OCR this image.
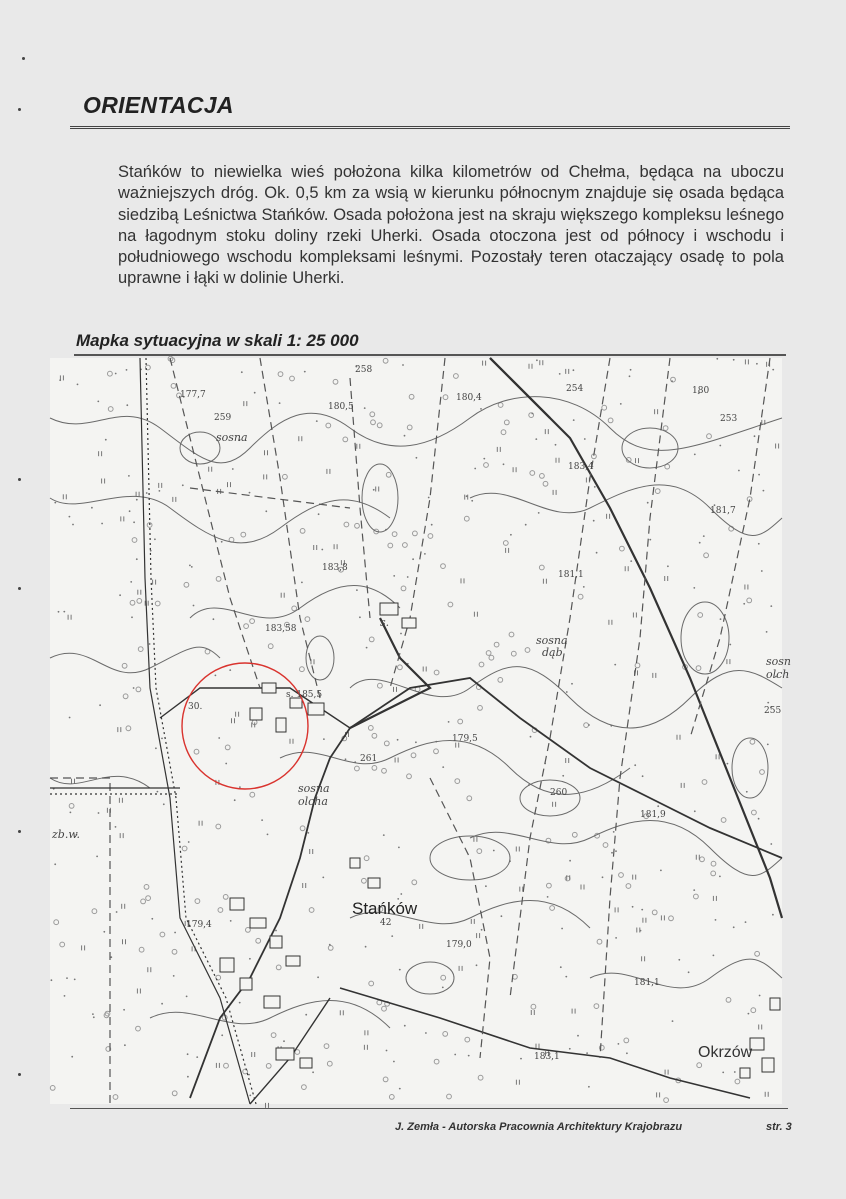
ORIENTACJA
Stańków to niewielka wieś położona kilka kilometrów od Chełma, będąca na uboczu ważniejszych dróg. Ok. 0,5 km za wsią w kierunku północnym znajduje się osada będąca siedzibą Leśnictwa Stańków. Osada położona jest na skraju większego kompleksu leśnego na łagodnym stoku doliny rzeki Uherki. Osada otoczona jest od północy i wschodu i południowego wschodu kompleksami leśnymi. Pozostały teren otaczający osadę to pola uprawne i łąki w dolinie Uherki.
Mapka sytuacyjna w skali 1: 25 000
258
177,7
180,5
180,4
254	180
253
259
sosna
183,4
181,7
183,8
181,1
183,58	s.
sosna
dąb
sosn
olch
s. 185,5
255
30.
179,5
261
sosna
olcha
260
181,9
zb.w.
Stańków
42
179,4
179,0
181,1
183,1	Okrzów
J. Zemła - Autorska Pracownia Architektury Krajobrazu	str. 3
